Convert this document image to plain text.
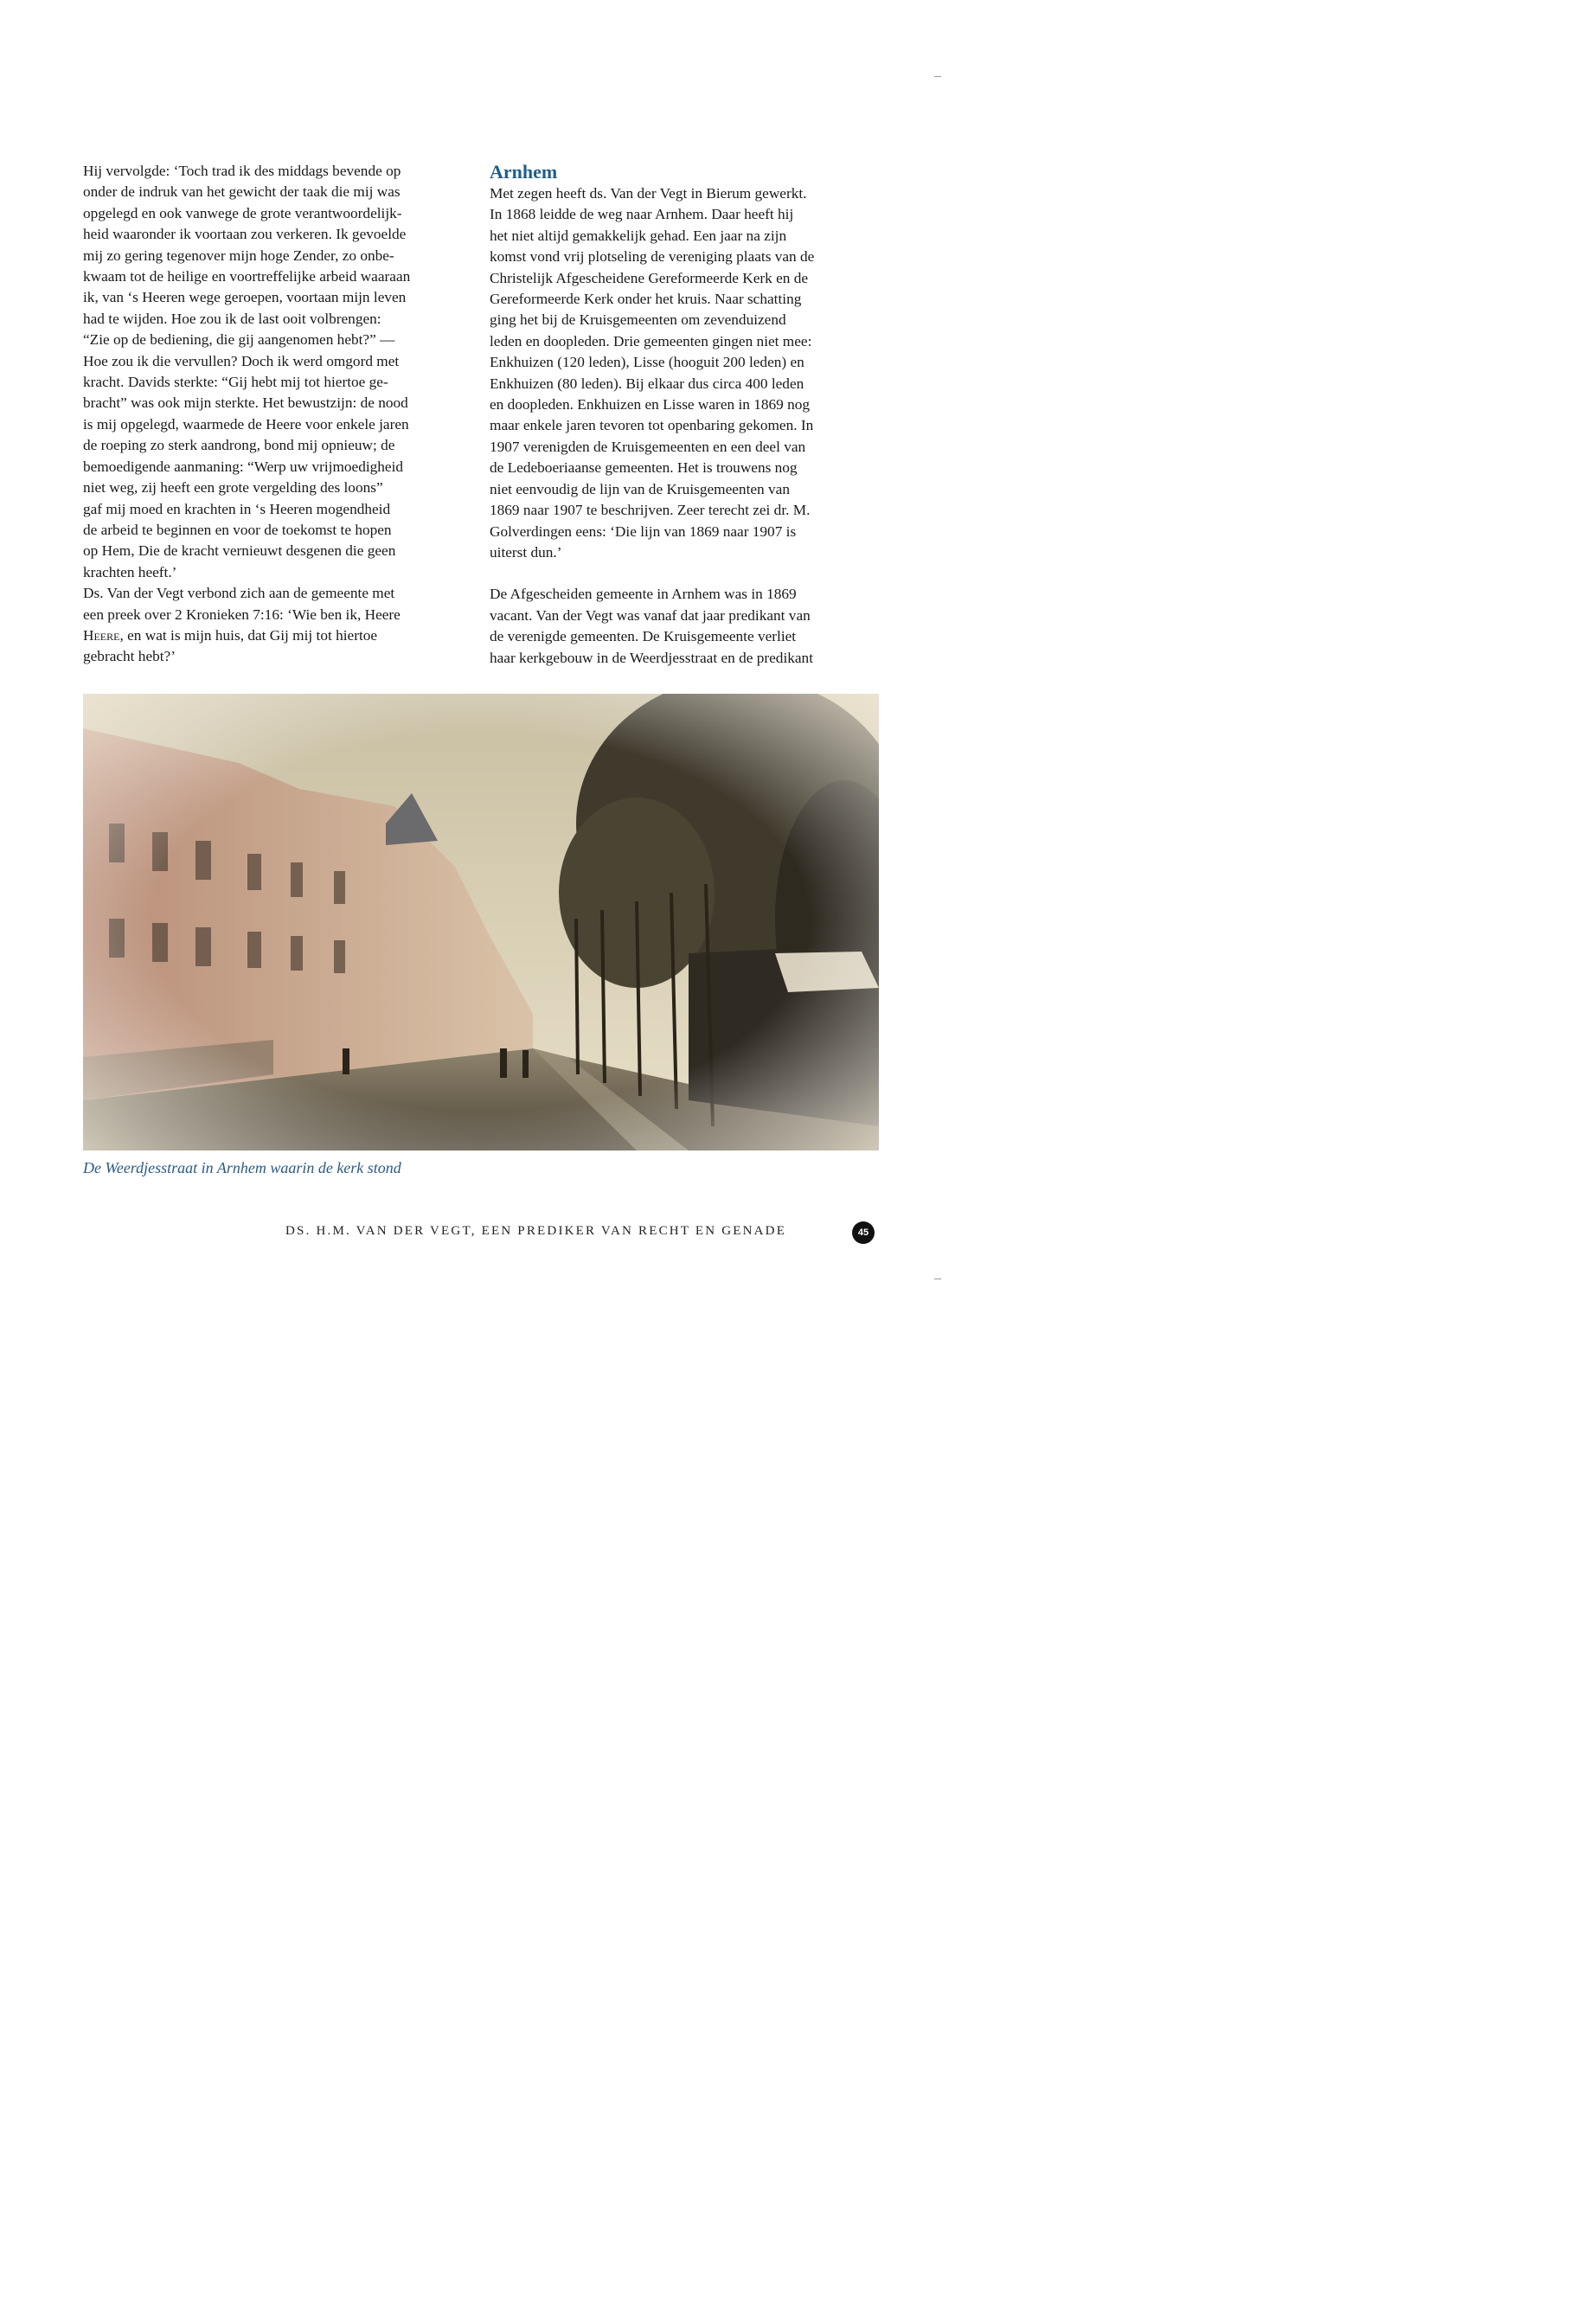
Hij vervolgde: ‘Toch trad ik des middags bevende op
onder de indruk van het gewicht der taak die mij was
opgelegd en ook vanwege de grote verantwoordelijk-
heid waaronder ik voortaan zou verkeren. Ik gevoelde
mij zo gering tegenover mijn hoge Zender, zo onbe-
kwaam tot de heilige en voortreffelijke arbeid waaraan
ik, van ‘s Heeren wege geroepen, voortaan mijn leven
had te wijden. Hoe zou ik de last ooit volbrengen:
“Zie op de bediening, die gij aangenomen hebt?” —
Hoe zou ik die vervullen? Doch ik werd omgord met
kracht. Davids sterkte: “Gij hebt mij tot hiertoe ge-
bracht” was ook mijn sterkte. Het bewustzijn: de nood
is mij opgelegd, waarmede de Heere voor enkele jaren
de roeping zo sterk aandrong, bond mij opnieuw; de
bemoedigende aanmaning: “Werp uw vrijmoedigheid
niet weg, zij heeft een grote vergelding des loons”
gaf mij moed en krachten in ‘s Heeren mogendheid
de arbeid te beginnen en voor de toekomst te hopen
op Hem, Die de kracht vernieuwt desgenen die geen
krachten heeft.’

Ds. Van der Vegt verbond zich aan de gemeente met
een preek over 2 Kronieken 7:16: ‘Wie ben ik, Heere
Heere, en wat is mijn huis, dat Gij mij tot hiertoe
gebracht hebt?’

Arnhem

Met zegen heeft ds. Van der Vegt in Bierum gewerkt.
In 1868 leidde de weg naar Arnhem. Daar heeft hij
het niet altijd gemakkelijk gehad. Een jaar na zijn
komst vond vrij plotseling de vereniging plaats van de
Christelijk Afgescheidene Gereformeerde Kerk en de
Gereformeerde Kerk onder het kruis. Naar schatting
ging het bij de Kruisgemeenten om zevenduizend
leden en doopleden. Drie gemeenten gingen niet mee:
Enkhuizen (120 leden), Lisse (hooguit 200 leden) en
Enkhuizen (80 leden). Bij elkaar dus circa 400 leden
en doopleden. Enkhuizen en Lisse waren in 1869 nog
maar enkele jaren tevoren tot openbaring gekomen. In
1907 verenigden de Kruisgemeenten en een deel van
de Ledeboeriaanse gemeenten. Het is trouwens nog
niet eenvoudig de lijn van de Kruisgemeenten van
1869 naar 1907 te beschrijven. Zeer terecht zei dr. M.
Golverdingen eens: ‘Die lijn van 1869 naar 1907 is
uiterst dun.’

De Afgescheiden gemeente in Arnhem was in 1869
vacant. Van der Vegt was vanaf dat jaar predikant van
de verenigde gemeenten. De Kruisgemeente verliet
haar kerkgebouw in de Weerdjesstraat en de predikant

De Weerdjesstraat in Arnhem waarin de kerk stond

DS. H.M. VAN DER VEGT, EEN PREDIKER VAN RECHT EN GENADE	45
